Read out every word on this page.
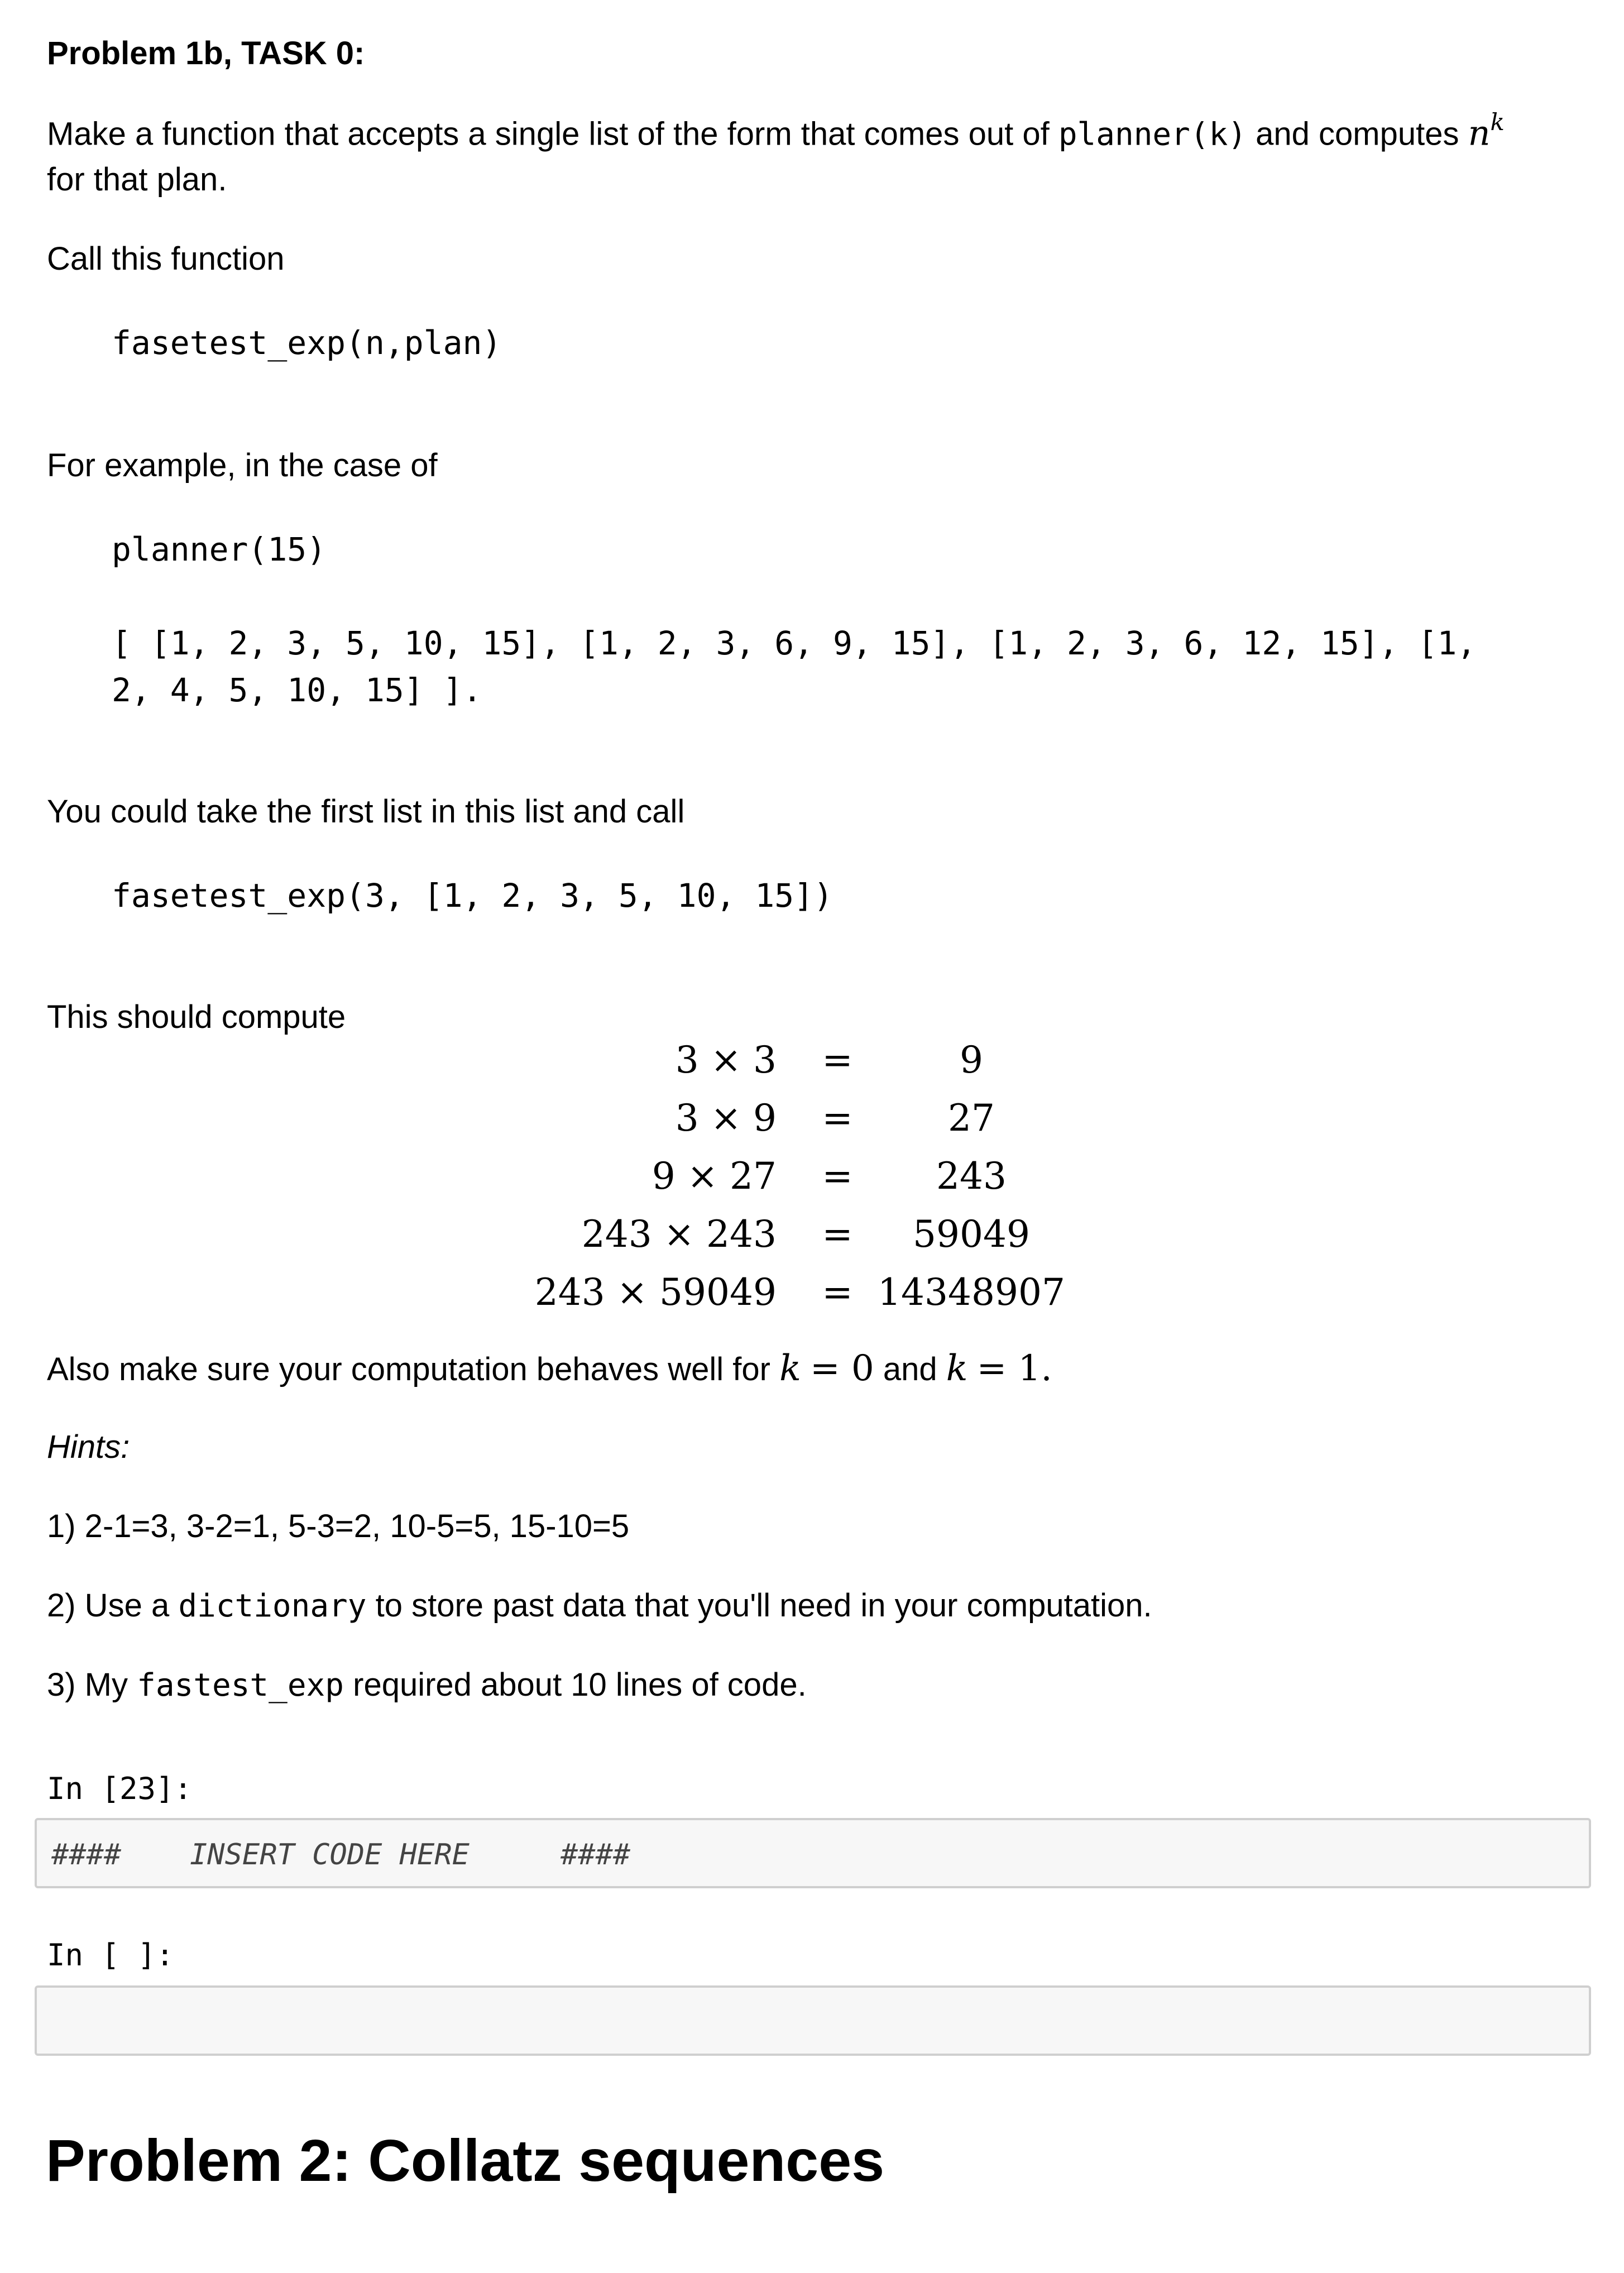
Problem 1b, TASK 0:
Make a function that accepts a single list of the form that comes out of planner(k) and computes $n^k$
for that plan.
Call this function
fasetest_exp(n,plan)
For example, in the case of
planner(15)
[ [1, 2, 3, 5, 10, 15], [1, 2, 3, 6, 9, 15], [1, 2, 3, 6, 12, 15], [1,
2, 4, 5, 10, 15] ].
You could take the first list in this list and call
fasetest_exp(3, [1, 2, 3, 5, 10, 15])
This should compute
3 × 3 =	9
3 × 9 =	27
9 × 27 = 243
243 × 243 = 59049
243 × 59049 = 14348907
Also make sure your computation behaves well for k = 0 and k = 1.
Hints:
1) 2-1=3, 3-2=1, 5-3=2, 10-5=5, 15-10=5
2) Use a dictionary to store past data that you'll need in your computation.
3) My fastest_exp required about 10 lines of code.
In [23]:
#### INSERT CODE HERE	####
In [ ]:
Problem 2: Collatz sequences
